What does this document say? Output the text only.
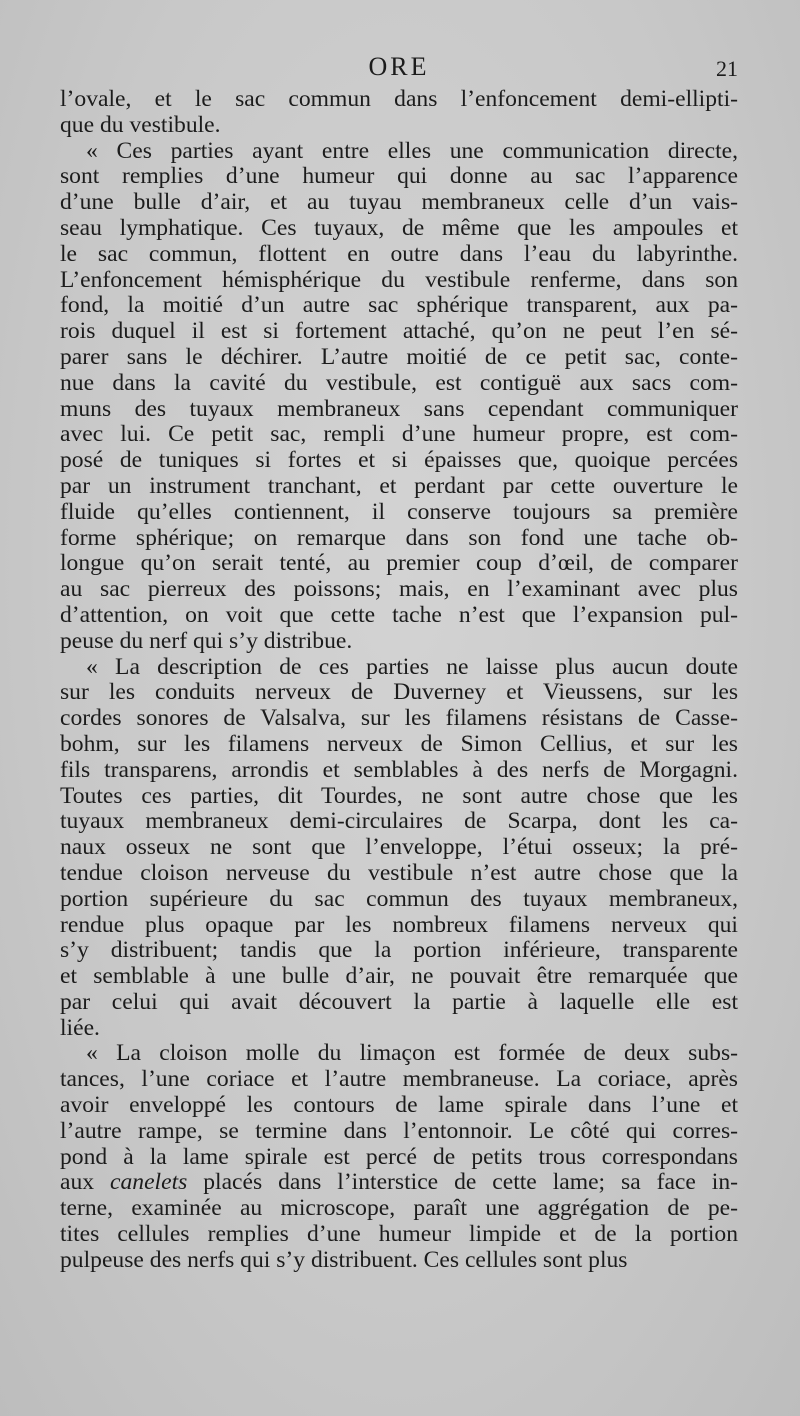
ORE	21
l’ovale, et le sac commun dans l’enfoncement demi-ellipti-
que du vestibule.
« Ces parties ayant entre elles une communication directe,
sont remplies d’une humeur qui donne au sac l’apparence
d’une bulle d’air, et au tuyau membraneux celle d’un vais-
seau lymphatique. Ces tuyaux, de même que les ampoules et
le sac commun, flottent en outre dans l’eau du labyrinthe.
L’enfoncement hémisphérique du vestibule renferme, dans son
fond, la moitié d’un autre sac sphérique transparent, aux pa-
rois duquel il est si fortement attaché, qu’on ne peut l’en sé-
parer sans le déchirer. L’autre moitié de ce petit sac, conte-
nue dans la cavité du vestibule, est contiguë aux sacs com-
muns des tuyaux membraneux sans cependant communiquer
avec lui. Ce petit sac, rempli d’une humeur propre, est com-
posé de tuniques si fortes et si épaisses que, quoique percées
par un instrument tranchant, et perdant par cette ouverture le
fluide qu’elles contiennent, il conserve toujours sa première
forme sphérique; on remarque dans son fond une tache ob-
longue qu’on serait tenté, au premier coup d’œil, de comparer
au sac pierreux des poissons; mais, en l’examinant avec plus
d’attention, on voit que cette tache n’est que l’expansion pul-
peuse du nerf qui s’y distribue.
« La description de ces parties ne laisse plus aucun doute
sur les conduits nerveux de Duverney et Vieussens, sur les
cordes sonores de Valsalva, sur les filamens résistans de Casse-
bohm, sur les filamens nerveux de Simon Cellius, et sur les
fils transparens, arrondis et semblables à des nerfs de Morgagni.
Toutes ces parties, dit Tourdes, ne sont autre chose que les
tuyaux membraneux demi-circulaires de Scarpa, dont les ca-
naux osseux ne sont que l’enveloppe, l’étui osseux; la pré-
tendue cloison nerveuse du vestibule n’est autre chose que la
portion supérieure du sac commun des tuyaux membraneux,
rendue plus opaque par les nombreux filamens nerveux qui
s’y distribuent; tandis que la portion inférieure, transparente
et semblable à une bulle d’air, ne pouvait être remarquée que
par celui qui avait découvert la partie à laquelle elle est
liée.
« La cloison molle du limaçon est formée de deux subs-
tances, l’une coriace et l’autre membraneuse. La coriace, après
avoir enveloppé les contours de lame spirale dans l’une et
l’autre rampe, se termine dans l’entonnoir. Le côté qui corres-
pond à la lame spirale est percé de petits trous correspondans
aux canelets placés dans l’interstice de cette lame; sa face in-
terne, examinée au microscope, paraît une aggrégation de pe-
tites cellules remplies d’une humeur limpide et de la portion
pulpeuse des nerfs qui s’y distribuent. Ces cellules sont plus
